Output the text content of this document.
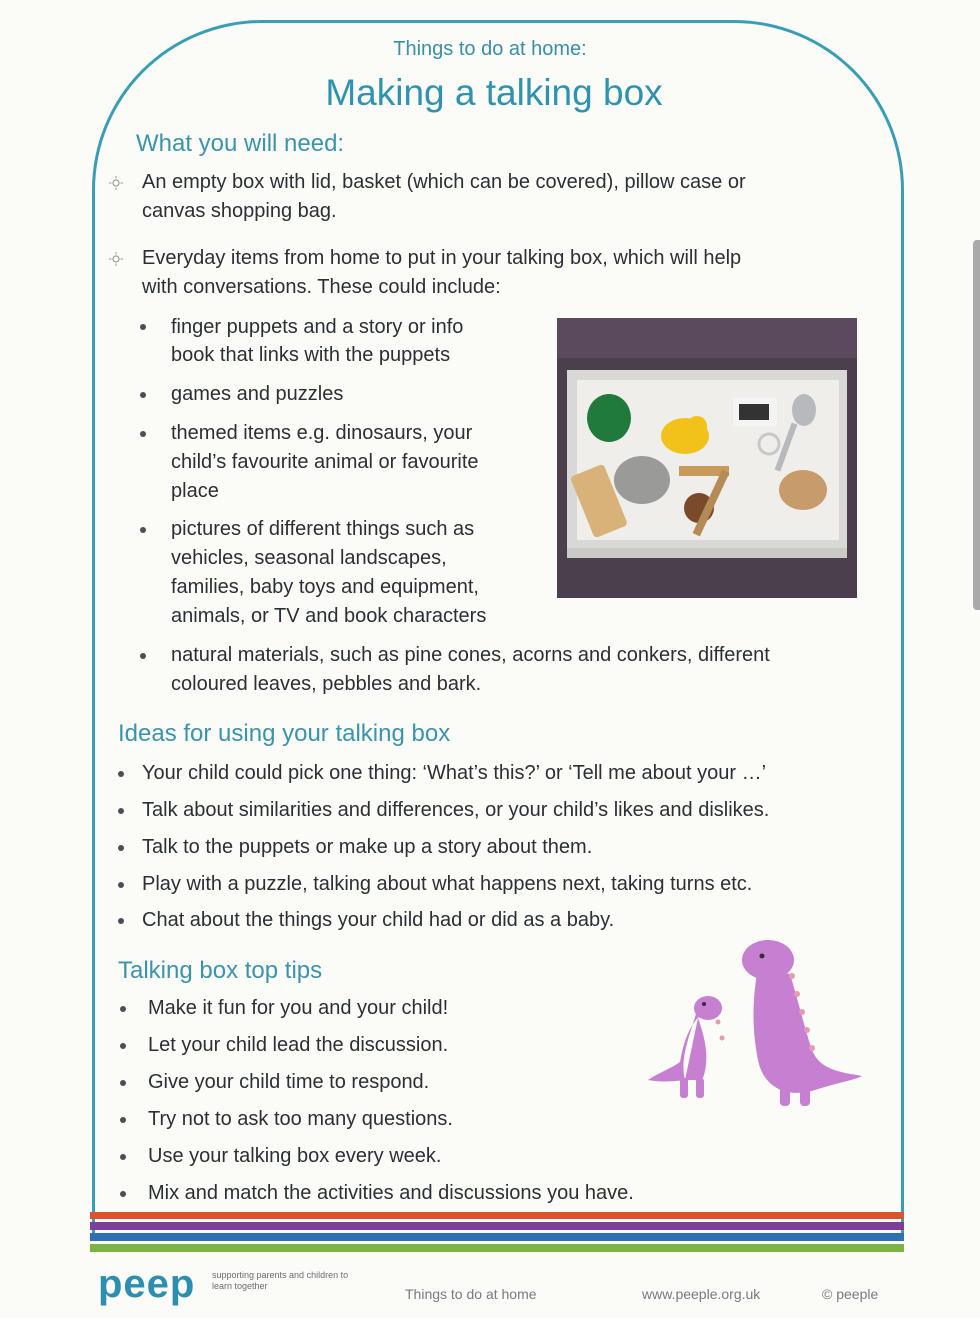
Things to do at home:
Making a talking box
What you will need:
An empty box with lid, basket (which can be covered), pillow case or
canvas shopping bag.
Everyday items from home to put in your talking box, which will help
with conversations. These could include:
finger puppets and a story or info
book that links with the puppets
games and puzzles
themed items e.g. dinosaurs, your
child’s favourite animal or favourite
place
pictures of different things such as
vehicles, seasonal landscapes,
families, baby toys and equipment,
animals, or TV and book characters
natural materials, such as pine cones, acorns and conkers, different
coloured leaves, pebbles and bark.
Ideas for using your talking box
Your child could pick one thing: ‘What’s this?’ or ‘Tell me about your …’
Talk about similarities and differences, or your child’s likes and dislikes.
Talk to the puppets or make up a story about them.
Play with a puzzle, talking about what happens next, taking turns etc.
Chat about the things your child had or did as a baby.
Talking box top tips
Make it fun for you and your child!
Let your child lead the discussion.
Give your child time to respond.
Try not to ask too many questions.
Use your talking box every week.
Mix and match the activities and discussions you have.
peep supporting parents and children to learn together	Things to do at home	www.peeple.org.uk	© peeple
